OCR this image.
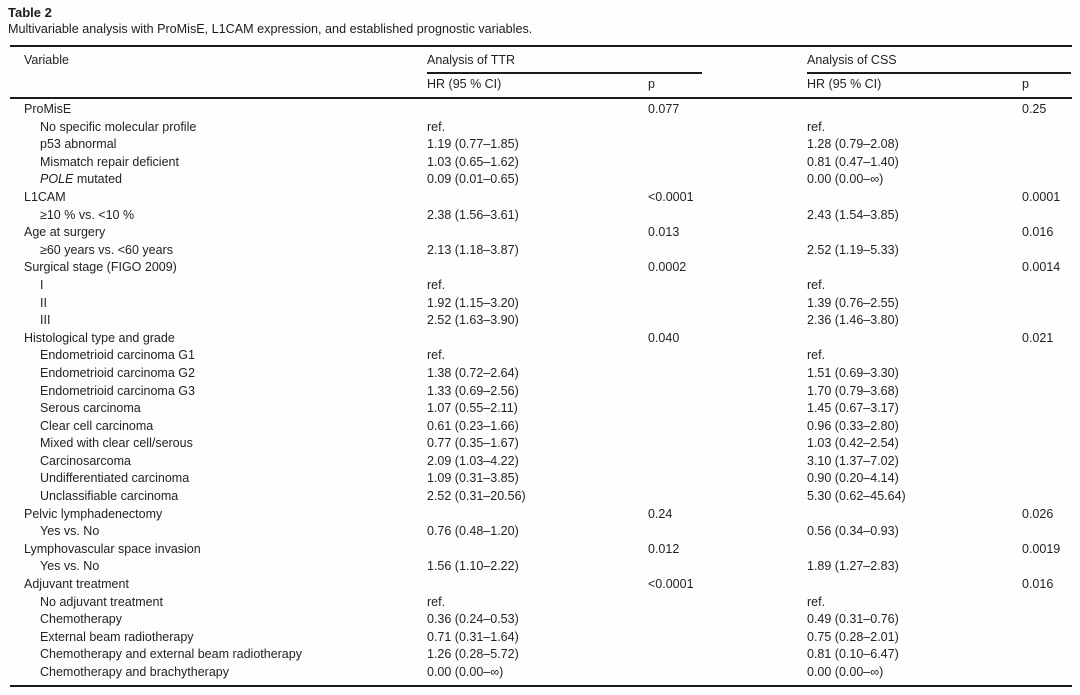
Table 2
Multivariable analysis with ProMisE, L1CAM expression, and established prognostic variables.
Variable	Analysis of TTR	Analysis of CSS
HR (95 % CI)	p	HR (95 % CI)	p
ProMisE	0.077	0.25
No specific molecular profile	ref.	ref.
p53 abnormal	1.19 (0.77–1.85)	1.28 (0.79–2.08)
Mismatch repair deficient	1.03 (0.65–1.62)	0.81 (0.47–1.40)
POLE mutated	0.09 (0.01–0.65)	0.00 (0.00–∞)
L1CAM	<0.0001	0.0001
≥10 % vs. <10 %	2.38 (1.56–3.61)	2.43 (1.54–3.85)
Age at surgery	0.013	0.016
≥60 years vs. <60 years	2.13 (1.18–3.87)	2.52 (1.19–5.33)
Surgical stage (FIGO 2009)	0.0002	0.0014
I	ref.	ref.
II	1.92 (1.15–3.20)	1.39 (0.76–2.55)
III	2.52 (1.63–3.90)	2.36 (1.46–3.80)
Histological type and grade	0.040	0.021
Endometrioid carcinoma G1	ref.	ref.
Endometrioid carcinoma G2	1.38 (0.72–2.64)	1.51 (0.69–3.30)
Endometrioid carcinoma G3	1.33 (0.69–2.56)	1.70 (0.79–3.68)
Serous carcinoma	1.07 (0.55–2.11)	1.45 (0.67–3.17)
Clear cell carcinoma	0.61 (0.23–1.66)	0.96 (0.33–2.80)
Mixed with clear cell/serous	0.77 (0.35–1.67)	1.03 (0.42–2.54)
Carcinosarcoma	2.09 (1.03–4.22)	3.10 (1.37–7.02)
Undifferentiated carcinoma	1.09 (0.31–3.85)	0.90 (0.20–4.14)
Unclassifiable carcinoma	2.52 (0.31–20.56)	5.30 (0.62–45.64)
Pelvic lymphadenectomy	0.24	0.026
Yes vs. No	0.76 (0.48–1.20)	0.56 (0.34–0.93)
Lymphovascular space invasion	0.012	0.0019
Yes vs. No	1.56 (1.10–2.22)	1.89 (1.27–2.83)
Adjuvant treatment	<0.0001	0.016
No adjuvant treatment	ref.	ref.
Chemotherapy	0.36 (0.24–0.53)	0.49 (0.31–0.76)
External beam radiotherapy	0.71 (0.31–1.64)	0.75 (0.28–2.01)
Chemotherapy and external beam radiotherapy	1.26 (0.28–5.72)	0.81 (0.10–6.47)
Chemotherapy and brachytherapy	0.00 (0.00–∞)	0.00 (0.00–∞)
